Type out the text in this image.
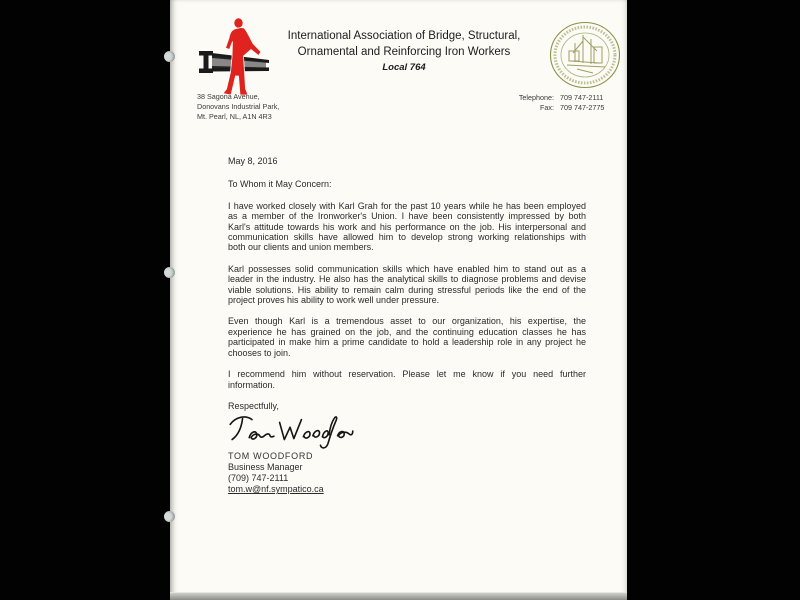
International Association of Bridge, Structural,
Ornamental and Reinforcing Iron Workers
Local 764
38 Sagona Avenue,
Donovans Industrial Park,
Mt. Pearl, NL, A1N 4R3
Telephone: 709 747-2111
Fax: 709 747-2775
May 8, 2016
To Whom it May Concern:
I have worked closely with Karl Grah for the past 10 years while he has been employed
as a member of the Ironworker's Union. I have been consistently impressed by both
Karl's attitude towards his work and his performance on the job. His interpersonal and
communication skills have allowed him to develop strong working relationships with
both our clients and union members.
Karl possesses solid communication skills which have enabled him to stand out as a
leader in the industry. He also has the analytical skills to diagnose problems and devise
viable solutions. His ability to remain calm during stressful periods like the end of the
project proves his ability to work well under pressure.
Even though Karl is a tremendous asset to our organization, his expertise, the
experience he has grained on the job, and the continuing education classes he has
participated in make him a prime candidate to hold a leadership role in any project he
chooses to join.
I recommend him without reservation. Please let me know if you need further
information.
Respectfully,
TOM WOODFORD
Business Manager
(709) 747-2111
tom.w@nf.sympatico.ca
